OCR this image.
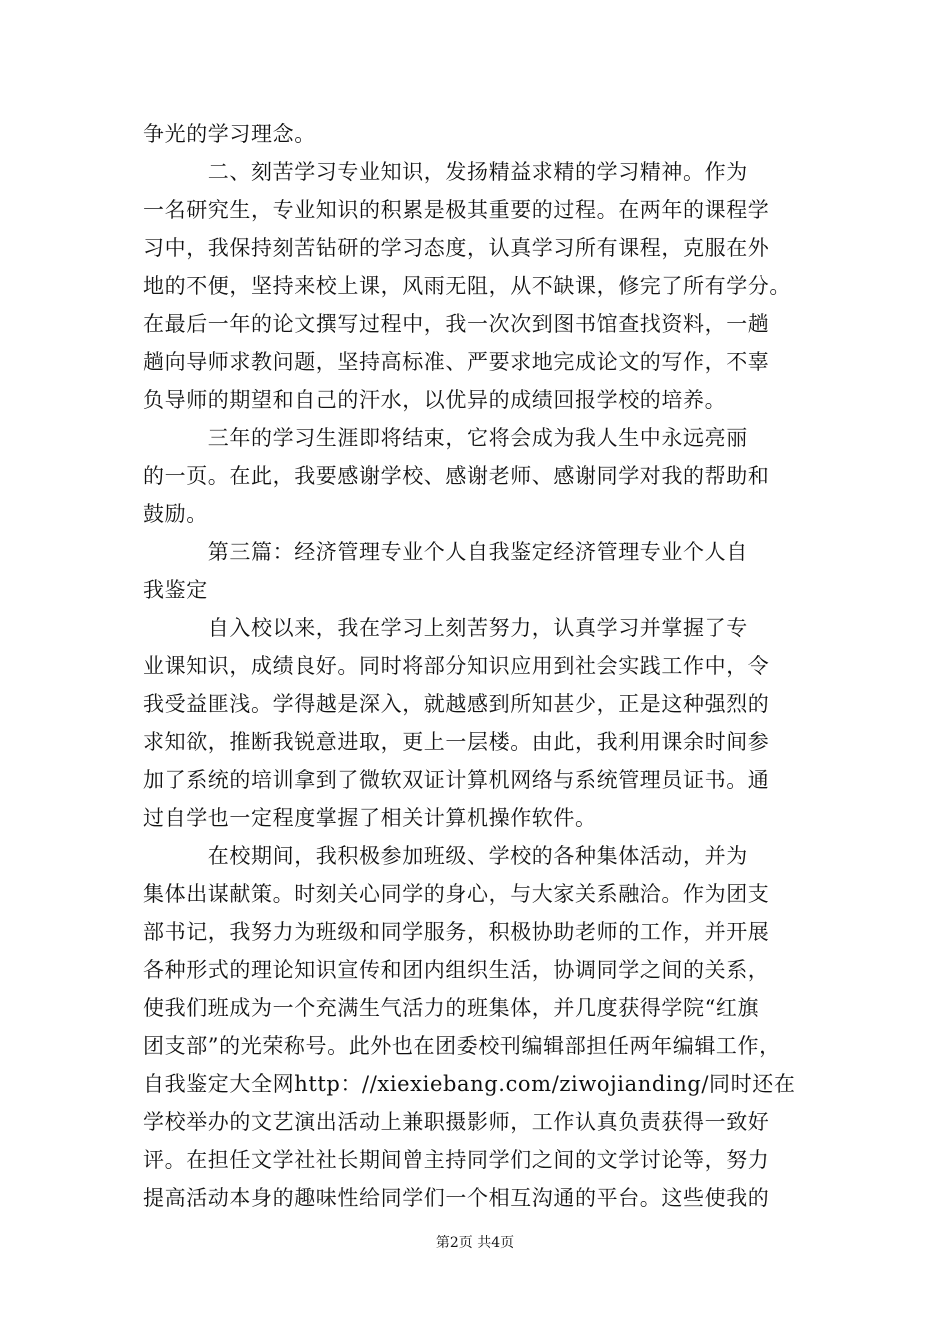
争光的学习理念。
　　　二、刻苦学习专业知识，发扬精益求精的学习精神。作为
一名研究生，专业知识的积累是极其重要的过程。在两年的课程学
习中，我保持刻苦钻研的学习态度，认真学习所有课程，克服在外
地的不便，坚持来校上课，风雨无阻，从不缺课，修完了所有学分。
在最后一年的论文撰写过程中，我一次次到图书馆查找资料，一趟
趟向导师求教问题，坚持高标准、严要求地完成论文的写作，不辜
负导师的期望和自己的汗水，以优异的成绩回报学校的培养。
　　　三年的学习生涯即将结束，它将会成为我人生中永远亮丽
的一页。在此，我要感谢学校、感谢老师、感谢同学对我的帮助和
鼓励。
　　　第三篇：经济管理专业个人自我鉴定经济管理专业个人自
我鉴定
　　　自入校以来，我在学习上刻苦努力，认真学习并掌握了专
业课知识，成绩良好。同时将部分知识应用到社会实践工作中，令
我受益匪浅。学得越是深入，就越感到所知甚少，正是这种强烈的
求知欲，推断我锐意进取，更上一层楼。由此，我利用课余时间参
加了系统的培训拿到了微软双证计算机网络与系统管理员证书。通
过自学也一定程度掌握了相关计算机操作软件。
　　　在校期间，我积极参加班级、学校的各种集体活动，并为
集体出谋献策。时刻关心同学的身心，与大家关系融洽。作为团支
部书记，我努力为班级和同学服务，积极协助老师的工作，并开展
各种形式的理论知识宣传和团内组织生活，协调同学之间的关系，
使我们班成为一个充满生气活力的班集体，并几度获得学院“红旗
团支部”的光荣称号。此外也在团委校刊编辑部担任两年编辑工作，
自我鉴定大全网http：//xiexiebang.com/ziwojianding/同时还在
学校举办的文艺演出活动上兼职摄影师，工作认真负责获得一致好
评。在担任文学社社长期间曾主持同学们之间的文学讨论等，努力
提高活动本身的趣味性给同学们一个相互沟通的平台。这些使我的
第2页 共4页
